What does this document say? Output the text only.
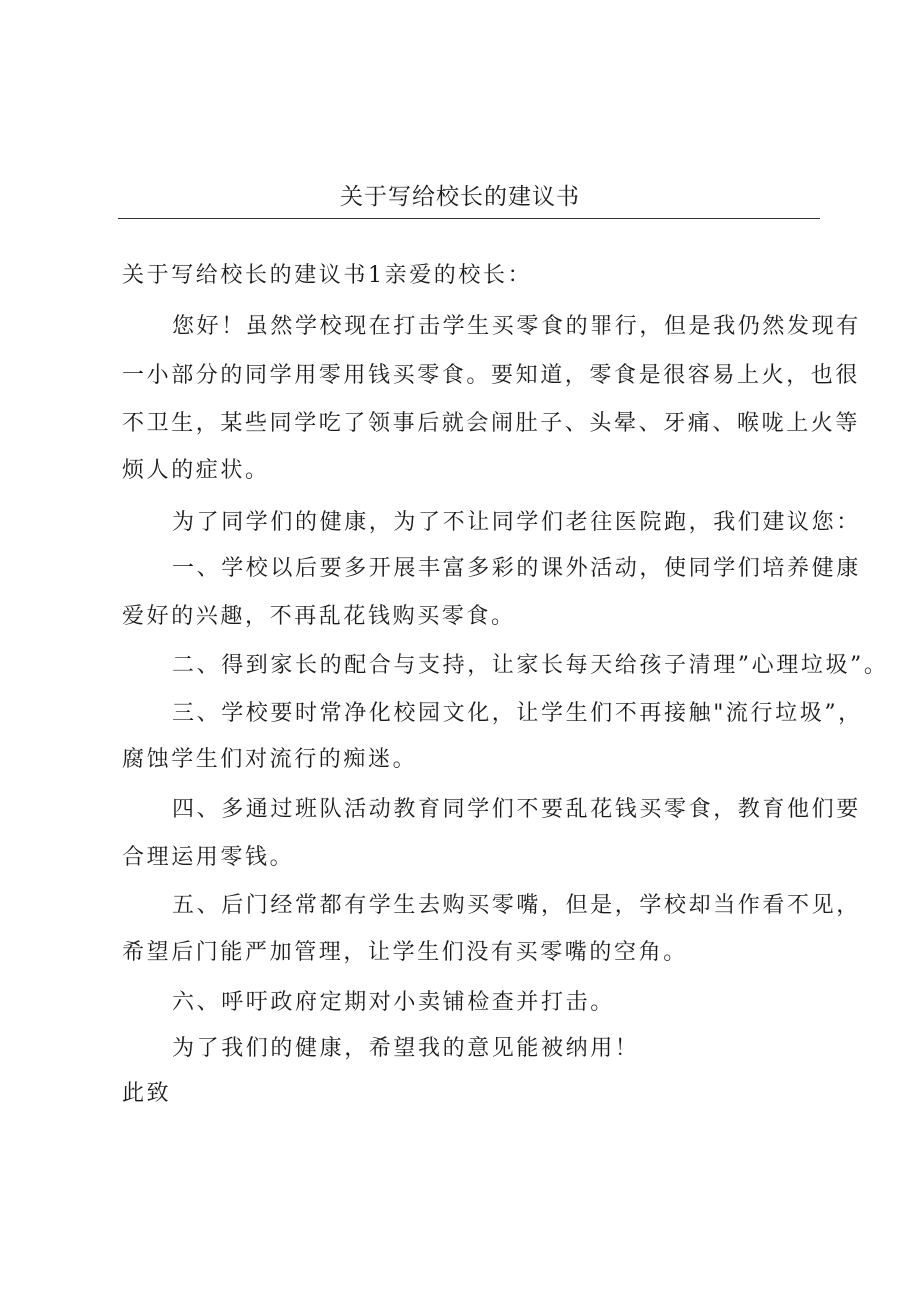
关于写给校长的建议书
关于写给校长的建议书1亲爱的校长：
您好！虽然学校现在打击学生买零食的罪行，但是我仍然发现有
一小部分的同学用零用钱买零食。要知道，零食是很容易上火，也很
不卫生，某些同学吃了领事后就会闹肚子、头晕、牙痛、喉咙上火等
烦人的症状。
为了同学们的健康，为了不让同学们老往医院跑，我们建议您：
一、学校以后要多开展丰富多彩的课外活动，使同学们培养健康
爱好的兴趣，不再乱花钱购买零食。
二、得到家长的配合与支持，让家长每天给孩子清理”心理垃圾”。
三、学校要时常净化校园文化，让学生们不再接触"流行垃圾”，
腐蚀学生们对流行的痴迷。
四、多通过班队活动教育同学们不要乱花钱买零食，教育他们要
合理运用零钱。
五、后门经常都有学生去购买零嘴，但是，学校却当作看不见，
希望后门能严加管理，让学生们没有买零嘴的空角。
六、呼吁政府定期对小卖铺检查并打击。
为了我们的健康，希望我的意见能被纳用！
此致
